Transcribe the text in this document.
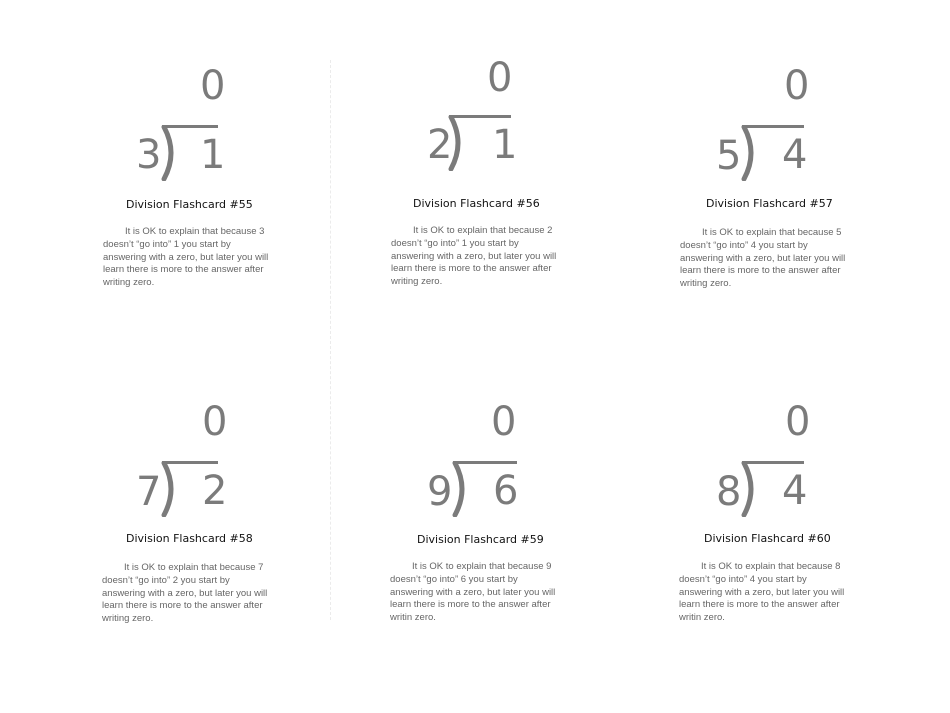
0
3 1
Division Flashcard #55
It is OK to explain that because 3 doesn’t “go into” 1 you start by answering with a zero, but later you will learn there is more to the answer after writing zero.
0
2 1
Division Flashcard #56
It is OK to explain that because 2 doesn’t “go into” 1 you start by answering with a zero, but later you will learn there is more to the answer after writing zero.
0
5 4
Division Flashcard #57
It is OK to explain that because 5 doesn’t “go into” 4 you start by answering with a zero, but later you will learn there is more to the answer after writing zero.
0
7 2
Division Flashcard #58
It is OK to explain that because 7 doesn’t “go into” 2 you start by answering with a zero, but later you will learn there is more to the answer after writing zero.
0
9 6
Division Flashcard #59
It is OK to explain that because 9 doesn’t “go into” 6 you start by answering with a zero, but later you will learn there is more to the answer after writin zero.
0
8 4
Division Flashcard #60
It is OK to explain that because 8 doesn’t “go into” 4 you start by answering with a zero, but later you will learn there is more to the answer after writin zero.
